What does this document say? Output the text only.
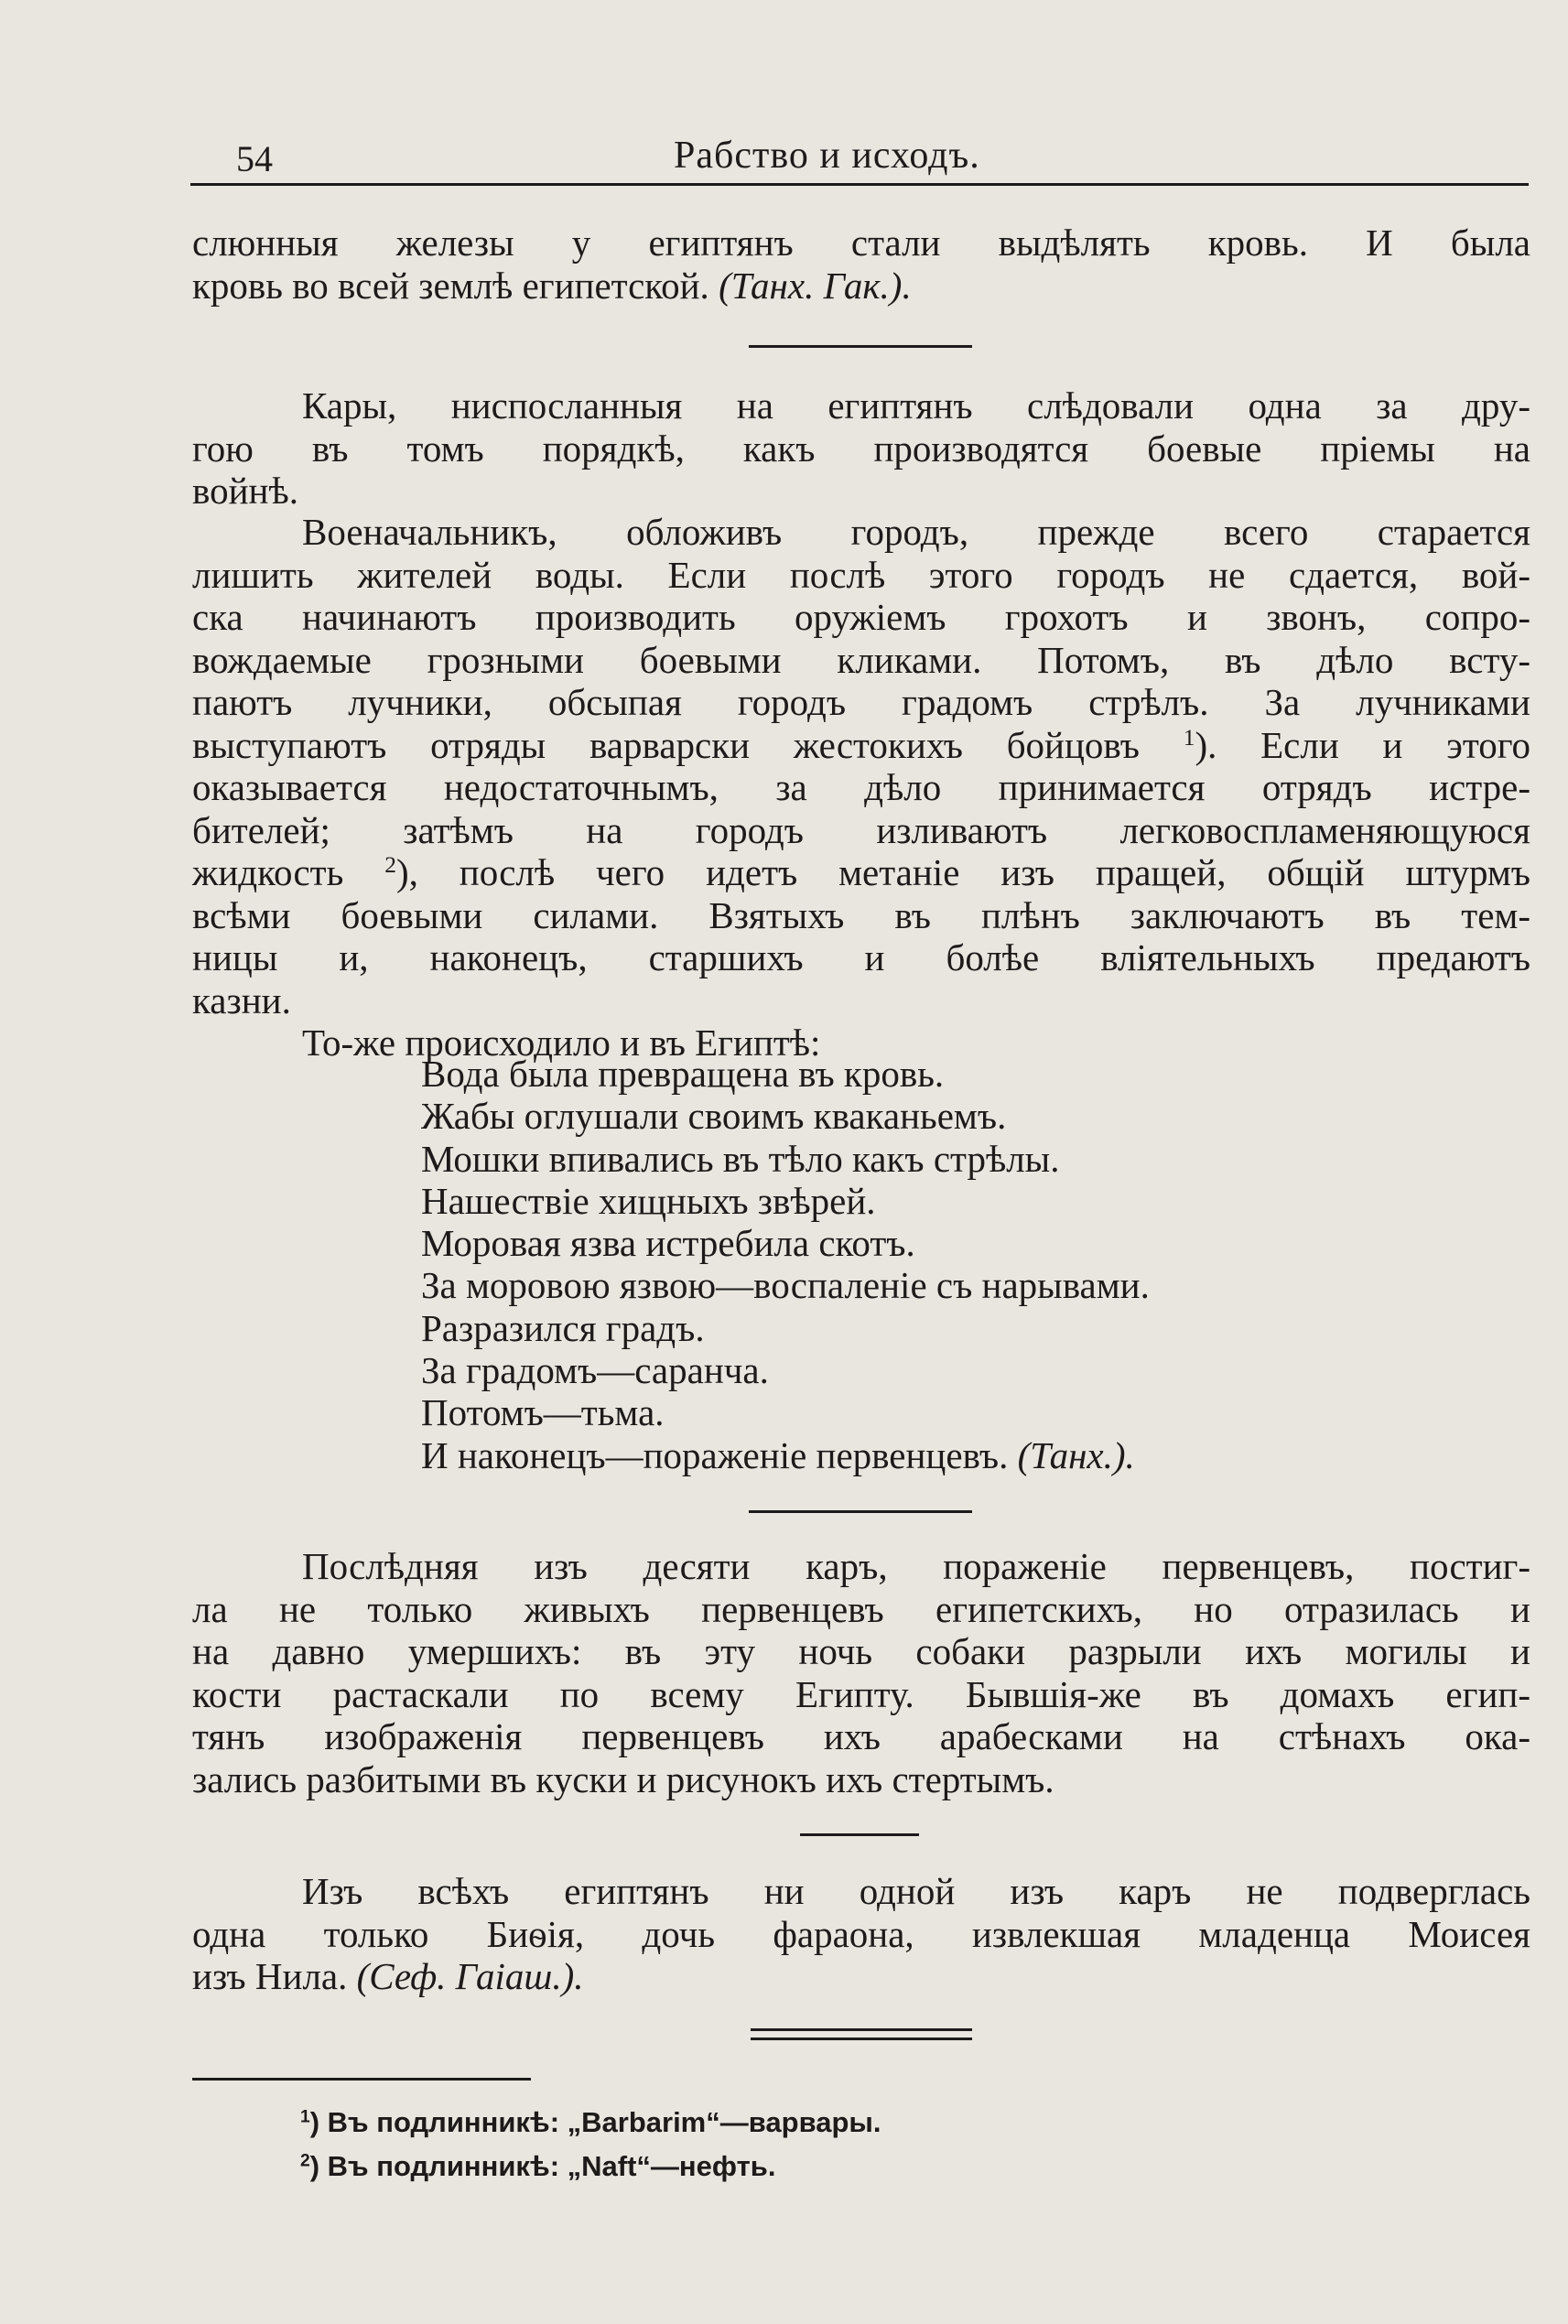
54	Рабство и исходъ.
слюнныя железы у египтянъ стали выдѣлять кровь. И была
кровь во всей землѣ египетской. (Танх. Гак.).
Кары, ниспосланныя на египтянъ слѣдовали одна за дру-
гою въ томъ порядкѣ, какъ производятся боевые пріемы на
войнѣ.
Военачальникъ, обложивъ городъ, прежде всего старается
лишить жителей воды. Если послѣ этого городъ не сдается, вой-
ска начинаютъ производить оружіемъ грохотъ и звонъ, сопро-
вождаемые грозными боевыми кликами. Потомъ, въ дѣло всту-
паютъ лучники, обсыпая городъ градомъ стрѣлъ. За лучниками
выступаютъ отряды варварски жестокихъ бойцовъ $^1$). Если и этого
оказывается недостаточнымъ, за дѣло принимается отрядъ истре-
бителей; затѣмъ на городъ изливаютъ легковоспламеняющуюся
жидкость $^2$), послѣ чего идетъ метаніе изъ пращей, общій штурмъ
всѣми боевыми силами. Взятыхъ въ плѣнъ заключаютъ въ тем-
ницы и, наконецъ, старшихъ и болѣе вліятельныхъ предаютъ
казни.
То-же происходило и въ Египтѣ:
Вода была превращена въ кровь.
Жабы оглушали своимъ кваканьемъ.
Мошки впивались въ тѣло какъ стрѣлы.
Нашествіе хищныхъ звѣрей.
Моровая язва истребила скотъ.
За моровою язвою—воспаленіе съ нарывами.
Разразился градъ.
За градомъ—саранча.
Потомъ—тьма.
И наконецъ—пораженіе первенцевъ. (Танх.).
Послѣдняя изъ десяти каръ, пораженіе первенцевъ, постиг-
ла не только живыхъ первенцевъ египетскихъ, но отразилась и
на давно умершихъ: въ эту ночь собаки разрыли ихъ могилы и
кости растаскали по всему Египту. Бывшія-же въ домахъ егип-
тянъ изображенія первенцевъ ихъ арабесками на стѣнахъ ока-
зались разбитыми въ куски и рисунокъ ихъ стертымъ.
Изъ всѣхъ египтянъ ни одной изъ каръ не подверглась
одна только Биѳія, дочь фараона, извлекшая младенца Моисея
изъ Нила. (Сеф. Гаіаш.).
$^1$) Въ подлинникѣ: „Barbarim“—варвары.
$^2$) Въ подлинникѣ: „Naft“—нефть.
